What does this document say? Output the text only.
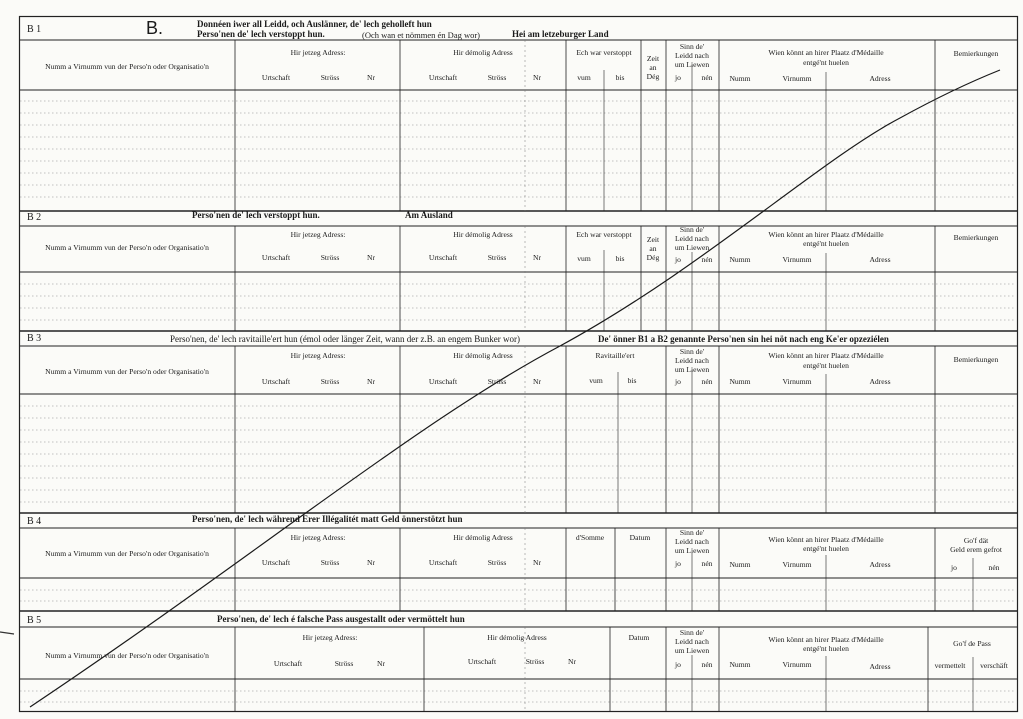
B 1	B.	Donnéen iwer all Leidd, och Auslänner, de' lech geholleft hun
Perso'nen de' lech verstoppt hun.	(Och wan et nömmen én Dag wor)	Hei am letzeburger Land
Numm a Virnumm vun der Perso'n oder Organisatio'n
Hir jetzeg Adress:
Urtschaft	Ströss	Nr
Hir démolig Adress
Urtschaft	Ströss	Nr
Ech war verstoppt
vum	bis
Zeit
an
Dég
Sinn de'
Leidd nach
um Liewen
jo	nén
Wien könnt an hirer Plaatz d'Médaille
entgé'nt huelen
Numm	Virnumm	Adress
Bemierkungen
B 2	Perso'nen de' lech verstoppt hun.	Am Ausland
Numm a Virnumm vun der Perso'n oder Organisatio'n
Hir jetzeg Adress:
Urtschaft	Ströss	Nr
Hir démolig Adress
Urtschaft	Ströss	Nr
Ech war verstoppt
vum	bis
Zeit
an
Dég
Sinn de'
Leidd nach
um Liewen
jo	nén
Wien könnt an hirer Plaatz d'Médaille
entgé'nt huelen
Numm	Virnumm	Adress
Bemierkungen
B 3	Perso'nen, de' lech ravitaille'ert hun (émol oder länger Zeit, wann der z.B. an engem Bunker wor)	De' önner B1 a B2 genannte Perso'nen sin hei nöt nach eng Ke'er opzeziélen
Numm a Virnumm vun der Perso'n oder Organisatio'n
Hir jetzeg Adress:
Urtschaft	Ströss	Nr
Hir démolig Adress
Urtschaft	Ströss	Nr
Ravitaille'ert
vum	bis
Sinn de'
Leidd nach
um Liewen
jo	nén
Wien könnt an hirer Plaatz d'Médaille
entgé'nt huelen
Numm	Virnumm	Adress
Bemierkungen
B 4	Perso'nen, de' lech während Erer Illégalitét matt Geld önnerstötzt hun
Numm a Virnumm vun der Perso'n oder Organisatio'n
Hir jetzeg Adress:
Urtschaft	Ströss	Nr
Hir démolig Adress
Urtschaft	Ströss	Nr
d'Somme	Datum
Sinn de'
Leidd nach
um Liewen
jo	nén
Wien könnt an hirer Plaatz d'Médaille
entgé'nt huelen
Numm	Virnumm	Adress
Go'f dät
Geld erem gefrot
jo	nén
B 5	Perso'nen, de' lech é falsche Pass ausgestallt oder vermöttelt hun
Numm a Virnumm vun der Perso'n oder Organisatio'n
Hir jetzeg Adress:
Urtschaft	Ströss	Nr
Hir démolig Adress
Urtschaft	Ströss	Nr
Datum
Sinn de'
Leidd nach
um Liewen
jo	nén
Wien könnt an hirer Plaatz d'Médaille
entgé'nt huelen
Numm	Virnumm	Adress
Go'f de Pass
vermettelt verschäft
